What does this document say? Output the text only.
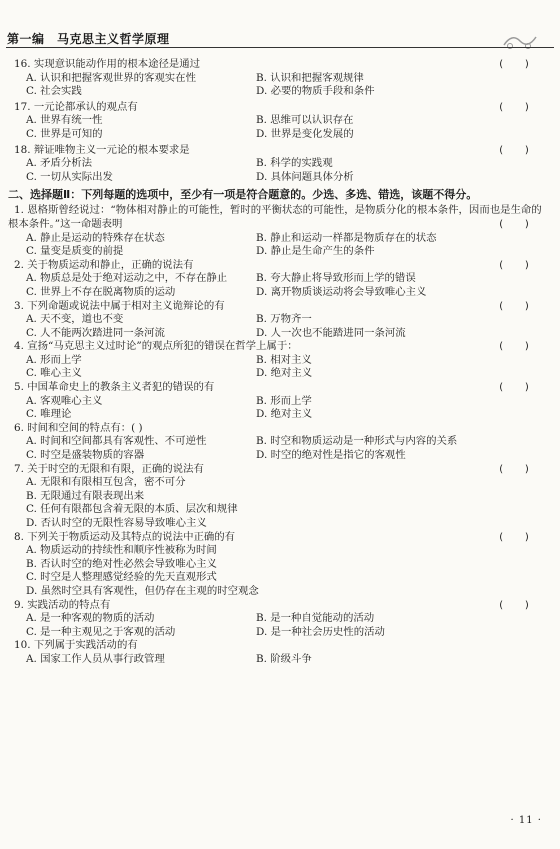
第一编　马克思主义哲学原理
16. 实现意识能动作用的根本途径是通过	(　　)
A. 认识和把握客观世界的客观实在性	B. 认识和把握客观规律
C. 社会实践	D. 必要的物质手段和条件
17. 一元论都承认的观点有	(　　)
A. 世界有统一性	B. 思维可以认识存在
C. 世界是可知的	D. 世界是变化发展的
18. 辩证唯物主义一元论的根本要求是	(　　)
A. 矛盾分析法	B. 科学的实践观
C. 一切从实际出发	D. 具体问题具体分析
二、选择题Ⅱ：下列每题的选项中，至少有一项是符合题意的。少选、多选、错选，该题不得分。
1. 恩格斯曾经说过：“物体相对静止的可能性，暂时的平衡状态的可能性，是物质分化的根本条件，因而也是生命的
根本条件。”这一命题表明	(　　)
A. 静止是运动的特殊存在状态	B. 静止和运动一样都是物质存在的状态
C. 量变是质变的前提	D. 静止是生命产生的条件
2. 关于物质运动和静止，正确的说法有	(　　)
A. 物质总是处于绝对运动之中，不存在静止	B. 夸大静止将导致形而上学的错误
C. 世界上不存在脱离物质的运动	D. 离开物质谈运动将会导致唯心主义
3. 下列命题或说法中属于相对主义诡辩论的有	(　　)
A. 天不变，道也不变	B. 万物齐一
C. 人不能两次踏进同一条河流	D. 人一次也不能踏进同一条河流
4. 宣扬“马克思主义过时论”的观点所犯的错误在哲学上属于：	(　　)
A. 形而上学	B. 相对主义
C. 唯心主义	D. 绝对主义
5. 中国革命史上的教条主义者犯的错误的有	(　　)
A. 客观唯心主义	B. 形而上学
C. 唯理论	D. 绝对主义
6. 时间和空间的特点有：( )
A. 时间和空间都具有客观性、不可逆性	B. 时空和物质运动是一种形式与内容的关系
C. 时空是盛装物质的容器	D. 时空的绝对性是指它的客观性
7. 关于时空的无限和有限，正确的说法有	(　　)
A. 无限和有限相互包含，密不可分
B. 无限通过有限表现出来
C. 任何有限都包含着无限的本质、层次和规律
D. 否认时空的无限性容易导致唯心主义
8. 下列关于物质运动及其特点的说法中正确的有	(　　)
A. 物质运动的持续性和顺序性被称为时间
B. 否认时空的绝对性必然会导致唯心主义
C. 时空是人整理感觉经验的先天直观形式
D. 虽然时空具有客观性，但仍存在主观的时空观念
9. 实践活动的特点有	(　　)
A. 是一种客观的物质的活动	B. 是一种自觉能动的活动
C. 是一种主观见之于客观的活动	D. 是一种社会历史性的活动
10. 下列属于实践活动的有
A. 国家工作人员从事行政管理	B. 阶级斗争
· 11 ·
